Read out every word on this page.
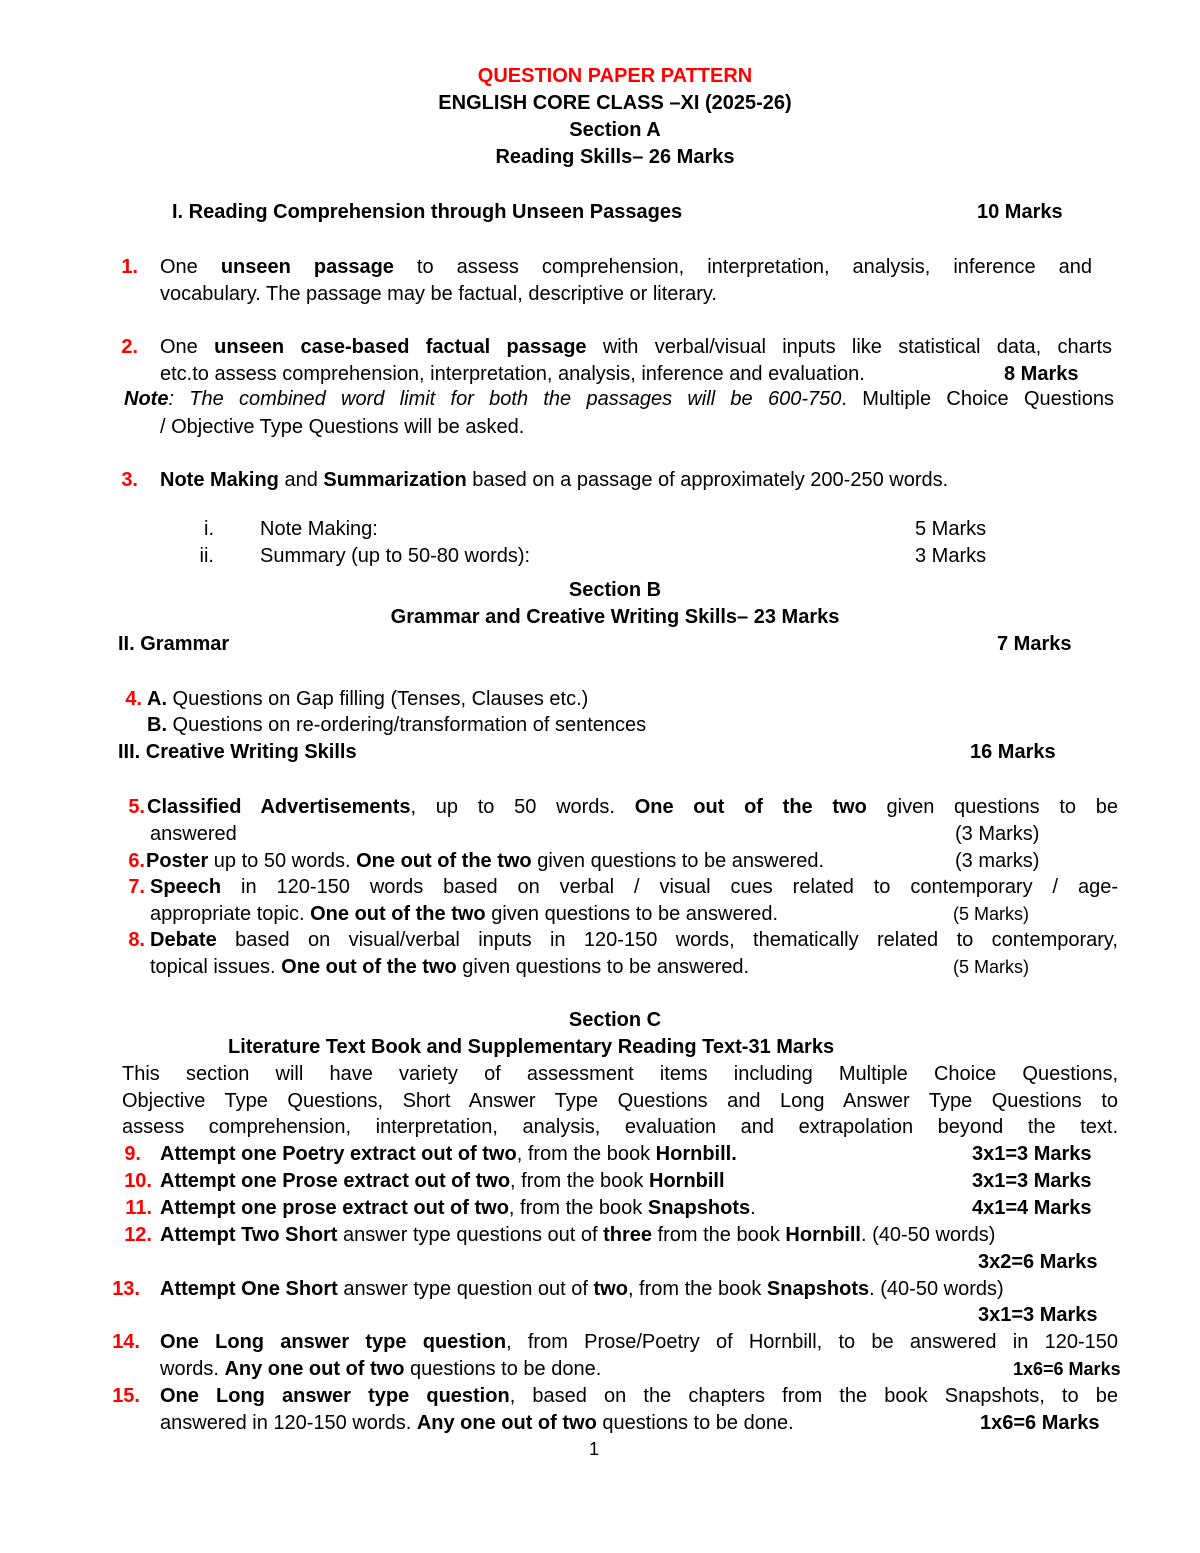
QUESTION PAPER PATTERN
ENGLISH CORE CLASS –XI (2025-26)
Section A
Reading Skills– 26 Marks
I. Reading Comprehension through Unseen Passages	10 Marks
1. One unseen passage to assess comprehension, interpretation, analysis, inference and
vocabulary. The passage may be factual, descriptive or literary.
2. One unseen case-based factual passage with verbal/visual inputs like statistical data, charts
etc.to assess comprehension, interpretation, analysis, inference and evaluation.	8 Marks
Note: The combined word limit for both the passages will be 600-750. Multiple Choice Questions
/ Objective Type Questions will be asked.
3. Note Making and Summarization based on a passage of approximately 200-250 words.
i. Note Making:	5 Marks
ii. Summary (up to 50-80 words):	3 Marks
Section B
Grammar and Creative Writing Skills– 23 Marks
II. Grammar	7 Marks
4. A. Questions on Gap filling (Tenses, Clauses etc.)
B. Questions on re-ordering/transformation of sentences
III. Creative Writing Skills	16 Marks
5. Classified Advertisements, up to 50 words. One out of the two given questions to be
answered	(3 Marks)
6. Poster up to 50 words. One out of the two given questions to be answered.	(3 marks)
7. Speech in 120-150 words based on verbal / visual cues related to contemporary / age-
appropriate topic. One out of the two given questions to be answered.	(5 Marks)
8. Debate based on visual/verbal inputs in 120-150 words, thematically related to contemporary,
topical issues. One out of the two given questions to be answered.	(5 Marks)
Section C
Literature Text Book and Supplementary Reading Text-31 Marks
This section will have variety of assessment items including Multiple Choice Questions,
Objective Type Questions, Short Answer Type Questions and Long Answer Type Questions to
assess comprehension, interpretation, analysis, evaluation and extrapolation beyond the text.
9. Attempt one Poetry extract out of two, from the book Hornbill.	3x1=3 Marks
10. Attempt one Prose extract out of two, from the book Hornbill	3x1=3 Marks
11. Attempt one prose extract out of two, from the book Snapshots.	4x1=4 Marks
12. Attempt Two Short answer type questions out of three from the book Hornbill. (40-50 words)
3x2=6 Marks
13. Attempt One Short answer type question out of two, from the book Snapshots. (40-50 words)
3x1=3 Marks
14. One Long answer type question, from Prose/Poetry of Hornbill, to be answered in 120-150
words. Any one out of two questions to be done.	1x6=6 Marks
15. One Long answer type question, based on the chapters from the book Snapshots, to be
answered in 120-150 words. Any one out of two questions to be done.	1x6=6 Marks
1
